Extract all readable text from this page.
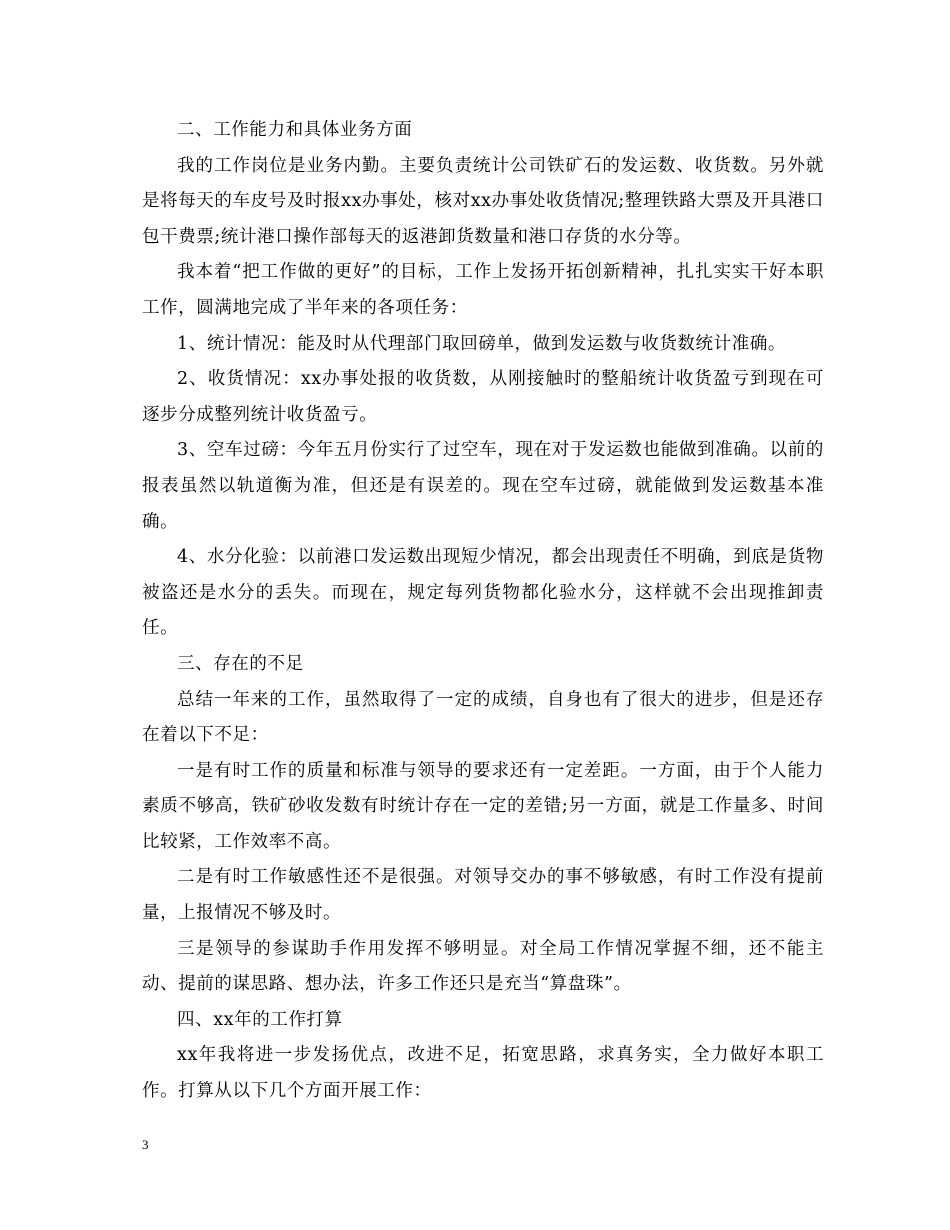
二、工作能力和具体业务方面

我的工作岗位是业务内勤。主要负责统计公司铁矿石的发运数、收货数。另外就是将每天的车皮号及时报xx办事处，核对xx办事处收货情况;整理铁路大票及开具港口包干费票;统计港口操作部每天的返港卸货数量和港口存货的水分等。

我本着“把工作做的更好”的目标，工作上发扬开拓创新精神，扎扎实实干好本职工作，圆满地完成了半年来的各项任务：

1、统计情况：能及时从代理部门取回磅单，做到发运数与收货数统计准确。

2、收货情况：xx办事处报的收货数，从刚接触时的整船统计收货盈亏到现在可逐步分成整列统计收货盈亏。

3、空车过磅：今年五月份实行了过空车，现在对于发运数也能做到准确。以前的报表虽然以轨道衡为准，但还是有误差的。现在空车过磅，就能做到发运数基本准确。

4、水分化验：以前港口发运数出现短少情况，都会出现责任不明确，到底是货物被盗还是水分的丢失。而现在，规定每列货物都化验水分，这样就不会出现推卸责任。

三、存在的不足

总结一年来的工作，虽然取得了一定的成绩，自身也有了很大的进步，但是还存在着以下不足：

一是有时工作的质量和标准与领导的要求还有一定差距。一方面，由于个人能力素质不够高，铁矿砂收发数有时统计存在一定的差错;另一方面，就是工作量多、时间比较紧，工作效率不高。

二是有时工作敏感性还不是很强。对领导交办的事不够敏感，有时工作没有提前量，上报情况不够及时。

三是领导的参谋助手作用发挥不够明显。对全局工作情况掌握不细，还不能主动、提前的谋思路、想办法，许多工作还只是充当“算盘珠”。

四、xx年的工作打算

xx年我将进一步发扬优点，改进不足，拓宽思路，求真务实，全力做好本职工作。打算从以下几个方面开展工作：

3
